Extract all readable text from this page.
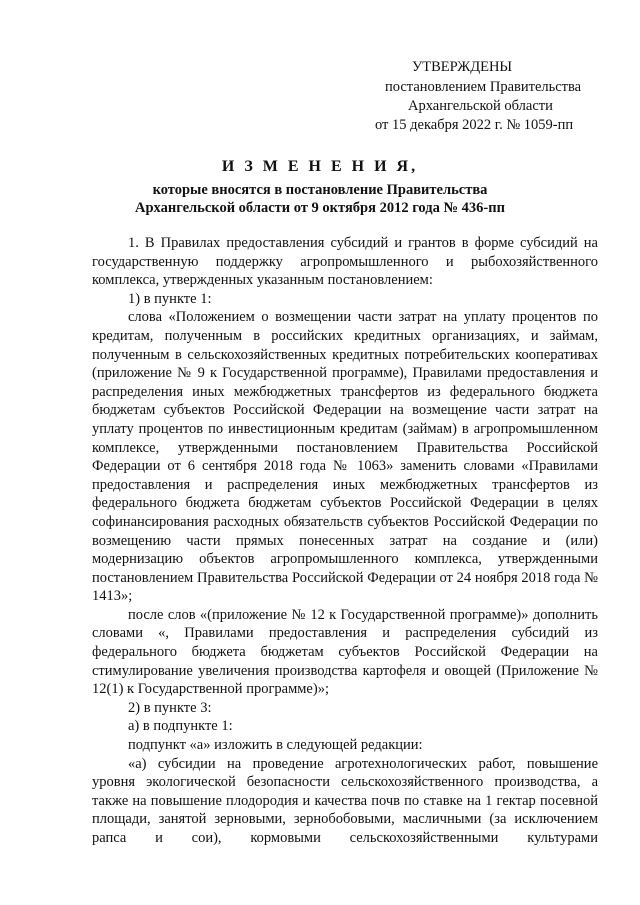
УТВЕРЖДЕНЫ
постановлением Правительства
Архангельской области
от 15 декабря 2022 г. № 1059-пп
И З М Е Н Е Н И Я,
которые вносятся в постановление Правительства
Архангельской области от 9 октября 2012 года № 436-пп

1. В Правилах предоставления субсидий и грантов в форме субсидий на государственную поддержку агропромышленного и рыбохозяйственного комплекса, утвержденных указанным постановлением:

1) в пункте 1:

слова «Положением о возмещении части затрат на уплату процентов по кредитам, полученным в российских кредитных организациях, и займам, полученным в сельскохозяйственных кредитных потребительских кооперативах (приложение № 9 к Государственной программе), Правилами предоставления и распределения иных межбюджетных трансфертов из федерального бюджета бюджетам субъектов Российской Федерации на возмещение части затрат на уплату процентов по инвестиционным кредитам (займам) в агропромышленном комплексе, утвержденными постановлением Правительства Российской Федерации от 6 сентября 2018 года № 1063» заменить словами «Правилами предоставления и распределения иных межбюджетных трансфертов из федерального бюджета бюджетам субъектов Российской Федерации в целях софинансирования расходных обязательств субъектов Российской Федерации по возмещению части прямых понесенных затрат на создание и (или) модернизацию объектов агропромышленного комплекса, утвержденными постановлением Правительства Российской Федерации от 24 ноября 2018 года № 1413»;

после слов «(приложение № 12 к Государственной программе)» дополнить словами «, Правилами предоставления и распределения субсидий из федерального бюджета бюджетам субъектов Российской Федерации на стимулирование увеличения производства картофеля и овощей (Приложение № 12(1) к Государственной программе)»;

2) в пункте 3:

а) в подпункте 1:

подпункт «а» изложить в следующей редакции:

«а) субсидии на проведение агротехнологических работ, повышение уровня экологической безопасности сельскохозяйственного производства, а также на повышение плодородия и качества почв по ставке на 1 гектар посевной площади, занятой зерновыми, зернобобовыми, масличными (за исключением рапса и сои), кормовыми сельскохозяйственными культурами
